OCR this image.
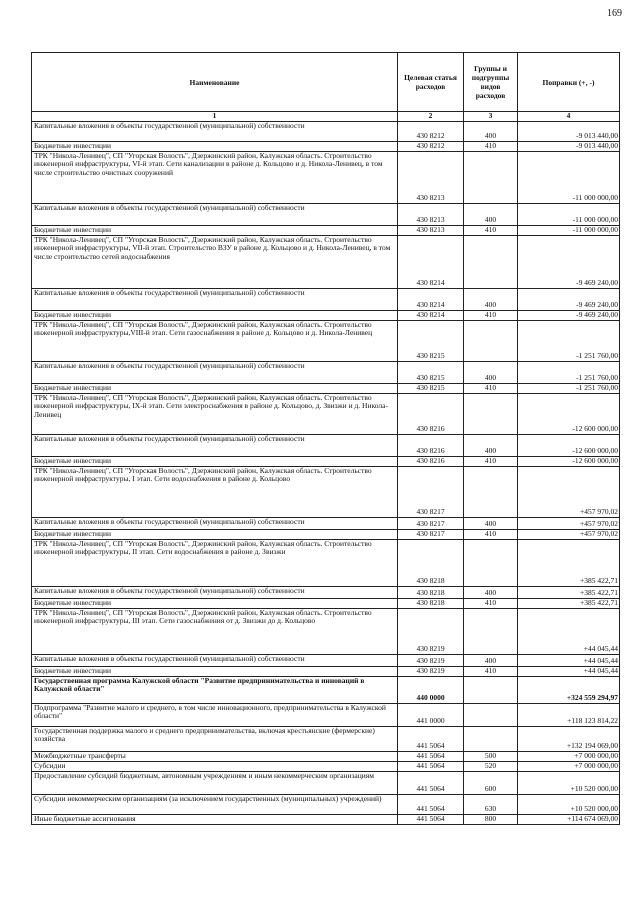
169
Наименование	Целевая статья расходов	Группы и подгруппы видов расходов	Поправки (+, -)
1	2	3	4
Капитальные вложения в объекты государственной (муниципальной) собственности	430 8212	400	-9 013 440,00
Бюджетные инвестиции	430 8212	410	-9 013 440,00
ТРК "Никола-Ленивец", СП "Угорская Волость", Дзержинский район, Калужская область. Строительство инженерной инфраструктуры, VI-й этап. Сети канализации в районе д. Кольцово и д. Никола-Ленивец, в том числе строительство очистных сооружений	430 8213		-11 000 000,00
Капитальные вложения в объекты государственной (муниципальной) собственности	430 8213	400	-11 000 000,00
Бюджетные инвестиции	430 8213	410	-11 000 000,00
ТРК "Никола-Ленивец", СП "Угорская Волость", Дзержинский район, Калужская область. Строительство инженерной инфраструктуры, VII-й этап. Строительство ВЗУ в районе д. Кольцово и д. Никола-Ленивец, в том числе строительство сетей водоснабжения	430 8214		-9 469 240,00
Капитальные вложения в объекты государственной (муниципальной) собственности	430 8214	400	-9 469 240,00
Бюджетные инвестиции	430 8214	410	-9 469 240,00
ТРК "Никола-Ленивец", СП "Угорская Волость", Дзержинский район, Калужская область. Строительство инженерной инфраструктуры,VIII-й этап. Сети газоснабжения в районе д. Кольцово и д. Никола-Ленивец	430 8215		-1 251 760,00
Капитальные вложения в объекты государственной (муниципальной) собственности	430 8215	400	-1 251 760,00
Бюджетные инвестиции	430 8215	410	-1 251 760,00
ТРК "Никола-Ленивец", СП "Угорская Волость", Дзержинский район, Калужская область. Строительство инженерной инфраструктуры, IX-й этап. Сети электроснабжения в районе д. Кольцово, д. Звизжи и д. Никола-Ленивец	430 8216		-12 600 000,00
Капитальные вложения в объекты государственной (муниципальной) собственности	430 8216	400	-12 600 000,00
Бюджетные инвестиции	430 8216	410	-12 600 000,00
ТРК "Никола-Ленивец", СП "Угорская Волость", Дзержинский район, Калужская область. Строительство инженерной инфраструктуры, I этап. Сети водоснабжения в районе д. Кольцово	430 8217		+457 970,02
Капитальные вложения в объекты государственной (муниципальной) собственности	430 8217	400	+457 970,02
Бюджетные инвестиции	430 8217	410	+457 970,02
ТРК "Никола-Ленивец", СП "Угорская Волость", Дзержинский район, Калужская область. Строительство инженерной инфраструктуры, II этап. Сети водоснабжения в районе д. Звизжи	430 8218		+385 422,71
Капитальные вложения в объекты государственной (муниципальной) собственности	430 8218	400	+385 422,71
Бюджетные инвестиции	430 8218	410	+385 422,71
ТРК "Никола-Ленивец", СП "Угорская Волость", Дзержинский район, Калужская область. Строительство инженерной инфраструктуры, III этап. Сети газоснабжения от д. Звизжи до д. Кольцово	430 8219		+44 045,44
Капитальные вложения в объекты государственной (муниципальной) собственности	430 8219	400	+44 045,44
Бюджетные инвестиции	430 8219	410	+44 045,44
Государственная программа Калужской области "Развитие предпринимательства и инноваций в Калужской области"	440 0000		+324 559 294,97
Подпрограмма "Развитие малого и среднего, в том числе инновационного, предпринимательства в Калужской области"	441 0000		+118 123 814,22
Государственная поддержка малого и среднего предпринимательства, включая крестьянские (фермерские) хозяйства	441 5064		+132 194 069,00
Межбюджетные трансферты	441 5064	500	+7 000 000,00
Субсидии	441 5064	520	+7 000 000,00
Предоставление субсидий бюджетным, автономным учреждениям и иным некоммерческим организациям	441 5064	600	+10 520 000,00
Субсидии некоммерческим организациям (за исключением государственных (муниципальных) учреждений)	441 5064	630	+10 520 000,00
Иные бюджетные ассигнования	441 5064	800	+114 674 069,00
